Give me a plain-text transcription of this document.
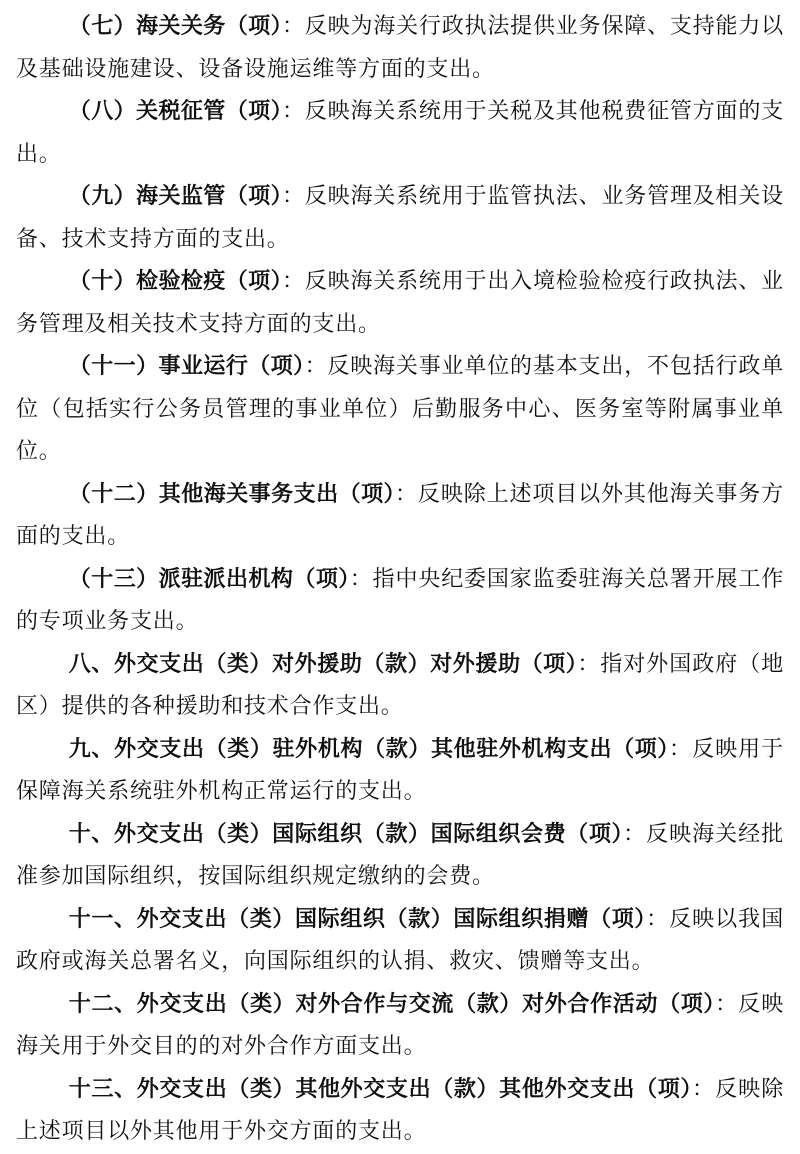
（七）海关关务（项）：反映为海关行政执法提供业务保障、支持能力以及基础设施建设、设备设施运维等方面的支出。

（八）关税征管（项）：反映海关系统用于关税及其他税费征管方面的支出。

（九）海关监管（项）：反映海关系统用于监管执法、业务管理及相关设备、技术支持方面的支出。

（十）检验检疫（项）：反映海关系统用于出入境检验检疫行政执法、业务管理及相关技术支持方面的支出。

（十一）事业运行（项）：反映海关事业单位的基本支出，不包括行政单位（包括实行公务员管理的事业单位）后勤服务中心、医务室等附属事业单位。

（十二）其他海关事务支出（项）：反映除上述项目以外其他海关事务方面的支出。

（十三）派驻派出机构（项）：指中央纪委国家监委驻海关总署开展工作的专项业务支出。

八、外交支出（类）对外援助（款）对外援助（项）：指对外国政府（地区）提供的各种援助和技术合作支出。

九、外交支出（类）驻外机构（款）其他驻外机构支出（项）：反映用于保障海关系统驻外机构正常运行的支出。

十、外交支出（类）国际组织（款）国际组织会费（项）：反映海关经批准参加国际组织，按国际组织规定缴纳的会费。

十一、外交支出（类）国际组织（款）国际组织捐赠（项）：反映以我国政府或海关总署名义，向国际组织的认捐、救灾、馈赠等支出。

十二、外交支出（类）对外合作与交流（款）对外合作活动（项）：反映海关用于外交目的的对外合作方面支出。

十三、外交支出（类）其他外交支出（款）其他外交支出（项）：反映除上述项目以外其他用于外交方面的支出。
